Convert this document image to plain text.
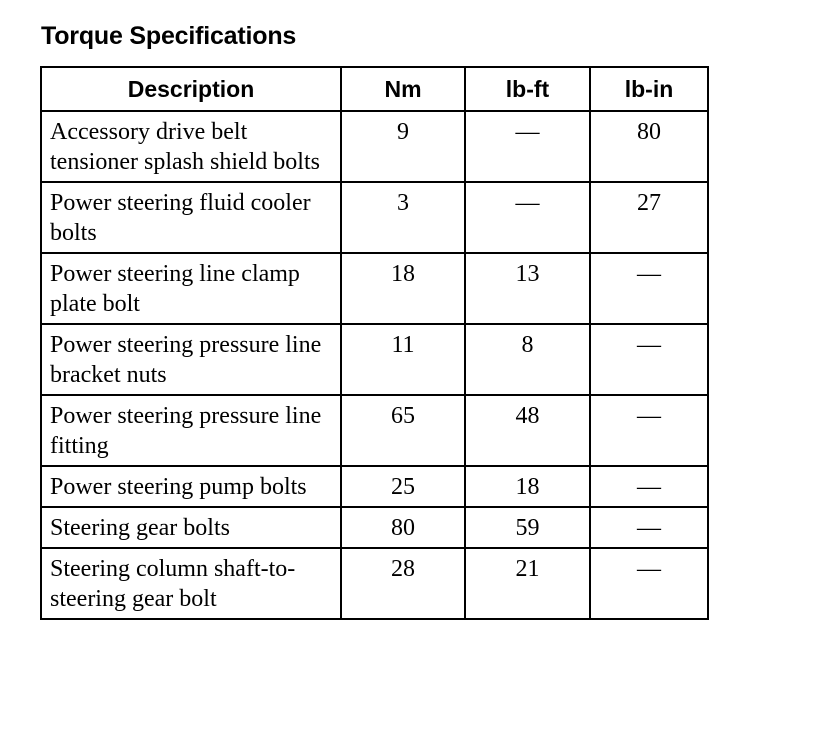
Torque Specifications
Description	Nm	lb-ft	lb-in
Accessory drive belt tensioner splash shield bolts	9	—	80
Power steering fluid cooler bolts	3	—	27
Power steering line clamp plate bolt	18	13	—
Power steering pressure line bracket nuts	11	8	—
Power steering pressure line fitting	65	48	—
Power steering pump bolts	25	18	—
Steering gear bolts	80	59	—
Steering column shaft-to-steering gear bolt	28	21	—
